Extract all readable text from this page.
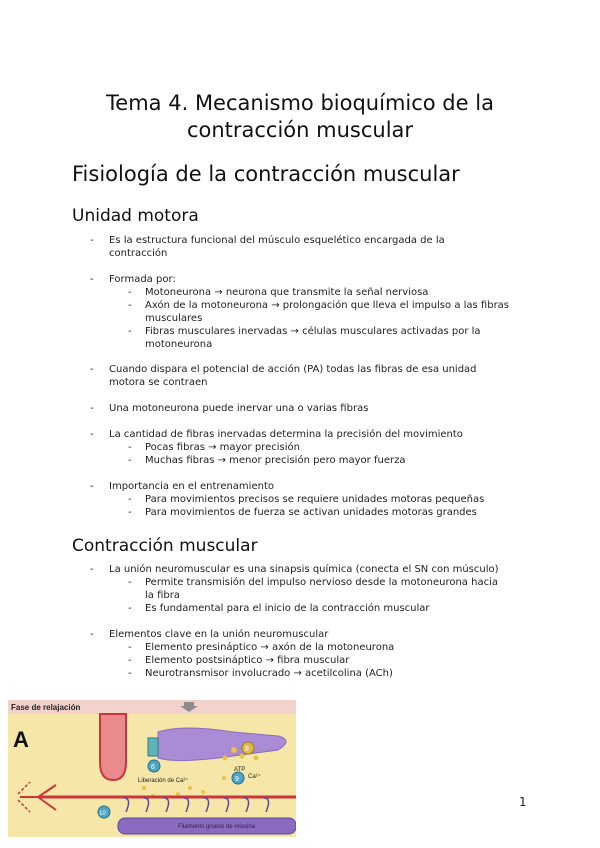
Tema 4. Mecanismo bioquímico de la
contracción muscular
Fisiología de la contracción muscular
Unidad motora
- Es la estructura funcional del músculo esquelético encargada de la
contracción
- Formada por:
- Motoneurona → neurona que transmite la señal nerviosa
- Axón de la motoneurona → prolongación que lleva el impulso a las fibras
musculares
- Fibras musculares inervadas → células musculares activadas por la
motoneurona
- Cuando dispara el potencial de acción (PA) todas las fibras de esa unidad
motora se contraen
- Una motoneurona puede inervar una o varias fibras
- La cantidad de fibras inervadas determina la precisión del movimiento
- Pocas fibras → mayor precisión
- Muchas fibras → menor precisión pero mayor fuerza
- Importancia en el entrenamiento
- Para movimientos precisos se requiere unidades motoras pequeñas
- Para movimientos de fuerza se activan unidades motoras grandes
Contracción muscular
- La unión neuromuscular es una sinapsis química (conecta el SN con músculo)
- Permite transmisión del impulso nervioso desde la motoneurona hacia
la fibra
- Es fundamental para el inicio de la contracción muscular
- Elementos clave en la unión neuromuscular
- Elemento presináptico → axón de la motoneurona
- Elemento postsináptico → fibra muscular
- Neurotransmisor involucrado → acetilcolina (ACh)
Fase de relajación
A	8
9
6
10
ATP
Ca²⁺
Liberación de Ca²⁺
Filamento grueso de miosina
1
